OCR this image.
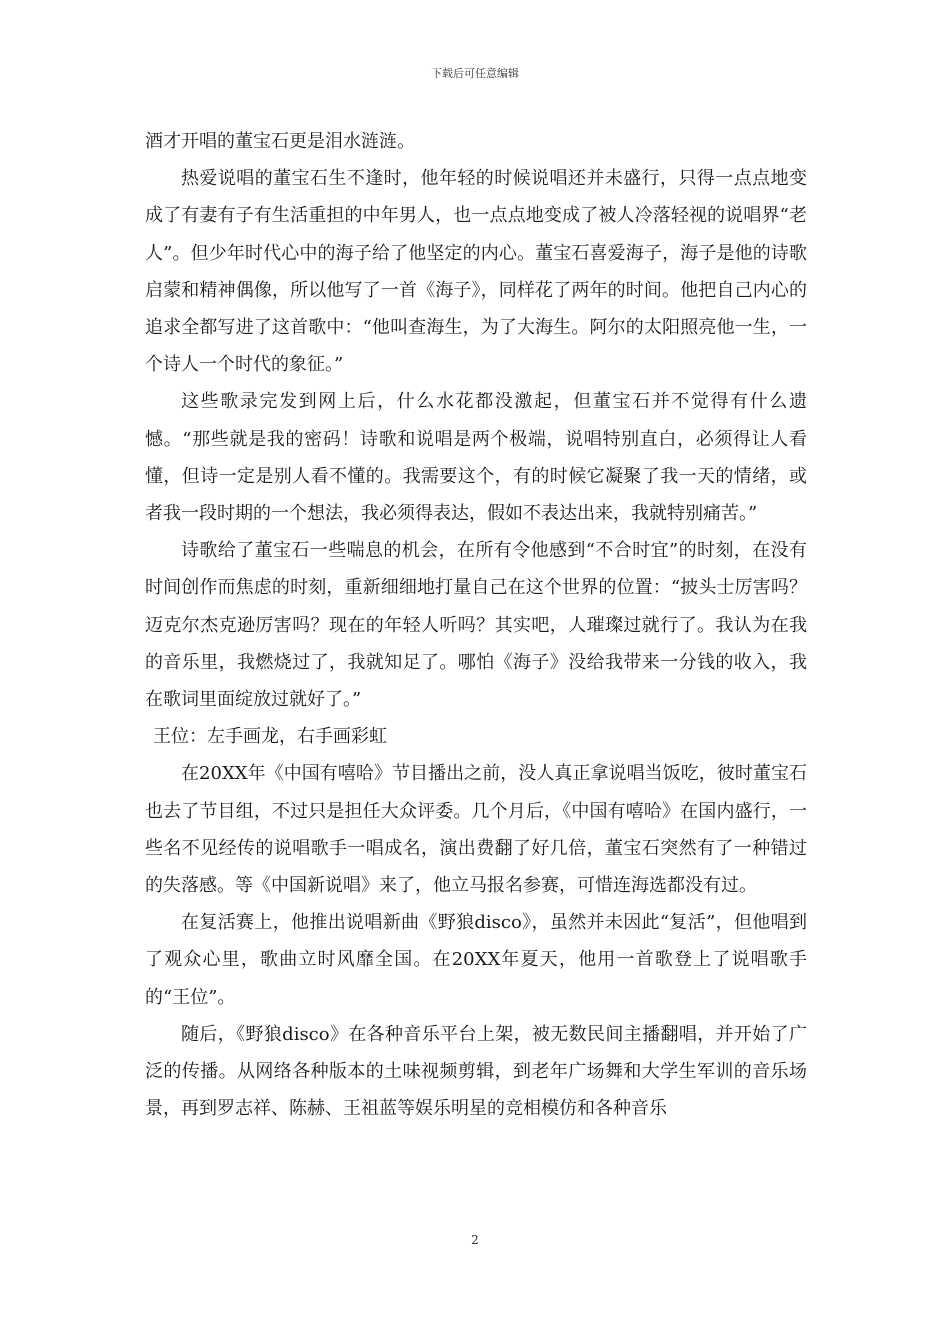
下载后可任意编辑

酒才开唱的董宝石更是泪水涟涟。

热爱说唱的董宝石生不逢时，他年轻的时候说唱还并未盛行，只得一点点地变成了有妻有子有生活重担的中年男人，也一点点地变成了被人冷落轻视的说唱界“老人”。但少年时代心中的海子给了他坚定的内心。董宝石喜爱海子，海子是他的诗歌启蒙和精神偶像，所以他写了一首《海子》，同样花了两年的时间。他把自己内心的追求全都写进了这首歌中：“他叫查海生，为了大海生。阿尔的太阳照亮他一生，一个诗人一个时代的象征。”

这些歌录完发到网上后，什么水花都没激起，但董宝石并不觉得有什么遗憾。“那些就是我的密码！诗歌和说唱是两个极端，说唱特别直白，必须得让人看懂，但诗一定是别人看不懂的。我需要这个，有的时候它凝聚了我一天的情绪，或者我一段时期的一个想法，我必须得表达，假如不表达出来，我就特别痛苦。”

诗歌给了董宝石一些喘息的机会，在所有令他感到“不合时宜”的时刻，在没有时间创作而焦虑的时刻，重新细细地打量自己在这个世界的位置：“披头士厉害吗？迈克尔杰克逊厉害吗？现在的年轻人听吗？其实吧，人璀璨过就行了。我认为在我的音乐里，我燃烧过了，我就知足了。哪怕《海子》没给我带来一分钱的收入，我在歌词里面绽放过就好了。”

王位：左手画龙，右手画彩虹

在20XX年《中国有嘻哈》节目播出之前，没人真正拿说唱当饭吃，彼时董宝石也去了节目组，不过只是担任大众评委。几个月后，《中国有嘻哈》在国内盛行，一些名不见经传的说唱歌手一唱成名，演出费翻了好几倍，董宝石突然有了一种错过的失落感。等《中国新说唱》来了，他立马报名参赛，可惜连海选都没有过。

在复活赛上，他推出说唱新曲《野狼disco》，虽然并未因此“复活”，但他唱到了观众心里，歌曲立时风靡全国。在20XX年夏天，他用一首歌登上了说唱歌手的“王位”。

随后，《野狼disco》在各种音乐平台上架，被无数民间主播翻唱，并开始了广泛的传播。从网络各种版本的土味视频剪辑，到老年广场舞和大学生军训的音乐场景，再到罗志祥、陈赫、王祖蓝等娱乐明星的竞相模仿和各种音乐

2
